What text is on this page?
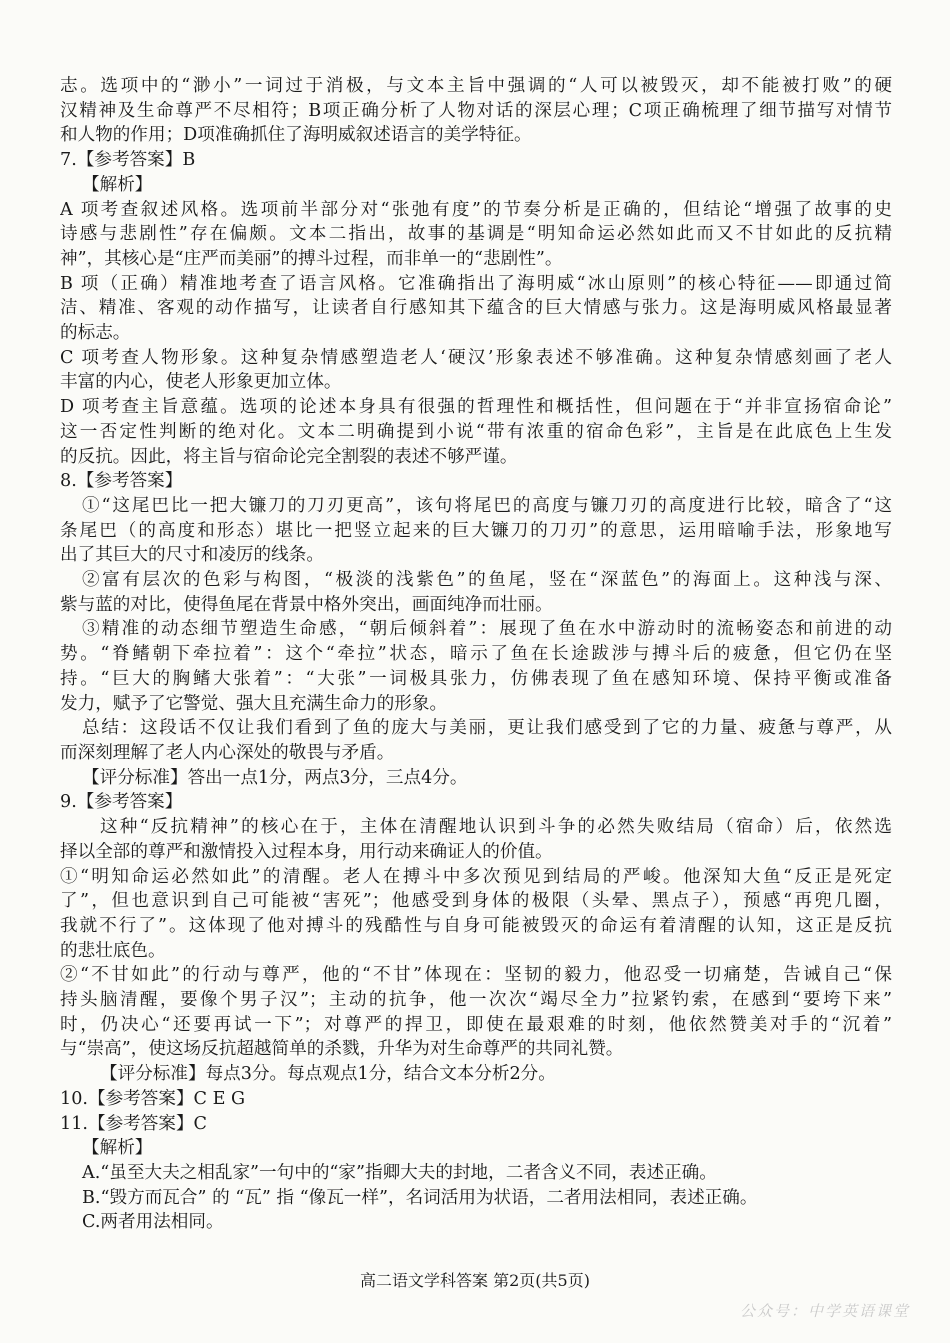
志。选项中的“渺小”一词过于消极，与文本主旨中强调的“人可以被毁灭，却不能被打败”的硬
汉精神及生命尊严不尽相符；B项正确分析了人物对话的深层心理；C项正确梳理了细节描写对情节
和人物的作用；D项准确抓住了海明威叙述语言的美学特征。
7.【参考答案】B
【解析】
A 项考查叙述风格。选项前半部分对“张弛有度”的节奏分析是正确的，但结论“增强了故事的史
诗感与悲剧性”存在偏颇。文本二指出，故事的基调是“明知命运必然如此而又不甘如此的反抗精
神”，其核心是“庄严而美丽”的搏斗过程，而非单一的“悲剧性”。
B 项（正确）精准地考查了语言风格。它准确指出了海明威“冰山原则”的核心特征——即通过简
洁、精准、客观的动作描写，让读者自行感知其下蕴含的巨大情感与张力。这是海明威风格最显著
的标志。
C 项考查人物形象。这种复杂情感塑造老人‘硬汉’形象表述不够准确。这种复杂情感刻画了老人
丰富的内心，使老人形象更加立体。
D 项考查主旨意蕴。选项的论述本身具有很强的哲理性和概括性，但问题在于“并非宣扬宿命论”
这一否定性判断的绝对化。文本二明确提到小说“带有浓重的宿命色彩”，主旨是在此底色上生发
的反抗。因此，将主旨与宿命论完全割裂的表述不够严谨。
8.【参考答案】
①“这尾巴比一把大镰刀的刀刃更高”，该句将尾巴的高度与镰刀刃的高度进行比较，暗含了“这
条尾巴（的高度和形态）堪比一把竖立起来的巨大镰刀的刀刃”的意思，运用暗喻手法，形象地写
出了其巨大的尺寸和凌厉的线条。
②富有层次的色彩与构图，“极淡的浅紫色”的鱼尾，竖在“深蓝色”的海面上。这种浅与深、
紫与蓝的对比，使得鱼尾在背景中格外突出，画面纯净而壮丽。
③精准的动态细节塑造生命感，“朝后倾斜着”：展现了鱼在水中游动时的流畅姿态和前进的动
势。“脊鳍朝下牵拉着”：这个“牵拉”状态，暗示了鱼在长途跋涉与搏斗后的疲惫，但它仍在坚
持。“巨大的胸鳍大张着”：“大张”一词极具张力，仿佛表现了鱼在感知环境、保持平衡或准备
发力，赋予了它警觉、强大且充满生命力的形象。
总结：这段话不仅让我们看到了鱼的庞大与美丽，更让我们感受到了它的力量、疲惫与尊严，从
而深刻理解了老人内心深处的敬畏与矛盾。
【评分标准】答出一点1分，两点3分，三点4分。
9.【参考答案】
这种“反抗精神”的核心在于，主体在清醒地认识到斗争的必然失败结局（宿命）后，依然选
择以全部的尊严和激情投入过程本身，用行动来确证人的价值。
①“明知命运必然如此”的清醒。老人在搏斗中多次预见到结局的严峻。他深知大鱼“反正是死定
了”，但也意识到自己可能被“害死”；他感受到身体的极限（头晕、黑点子），预感“再兜几圈，
我就不行了”。这体现了他对搏斗的残酷性与自身可能被毁灭的命运有着清醒的认知，这正是反抗
的悲壮底色。
②“不甘如此”的行动与尊严，他的“不甘”体现在：坚韧的毅力，他忍受一切痛楚，告诫自己“保
持头脑清醒，要像个男子汉”；主动的抗争，他一次次“竭尽全力”拉紧钓索，在感到“要垮下来”
时，仍决心“还要再试一下”；对尊严的捍卫，即使在最艰难的时刻，他依然赞美对手的“沉着”
与“崇高”，使这场反抗超越简单的杀戮，升华为对生命尊严的共同礼赞。
【评分标准】每点3分。每点观点1分，结合文本分析2分。
10.【参考答案】C E G
11.【参考答案】C
【解析】
A.“虽至大夫之相乱家”一句中的“家”指卿大夫的封地，二者含义不同，表述正确。
B.“毁方而瓦合” 的 “瓦” 指 “像瓦一样”，名词活用为状语，二者用法相同，表述正确。
C.两者用法相同。
高二语文学科答案 第2页(共5页)
公众号：中学英语课堂
